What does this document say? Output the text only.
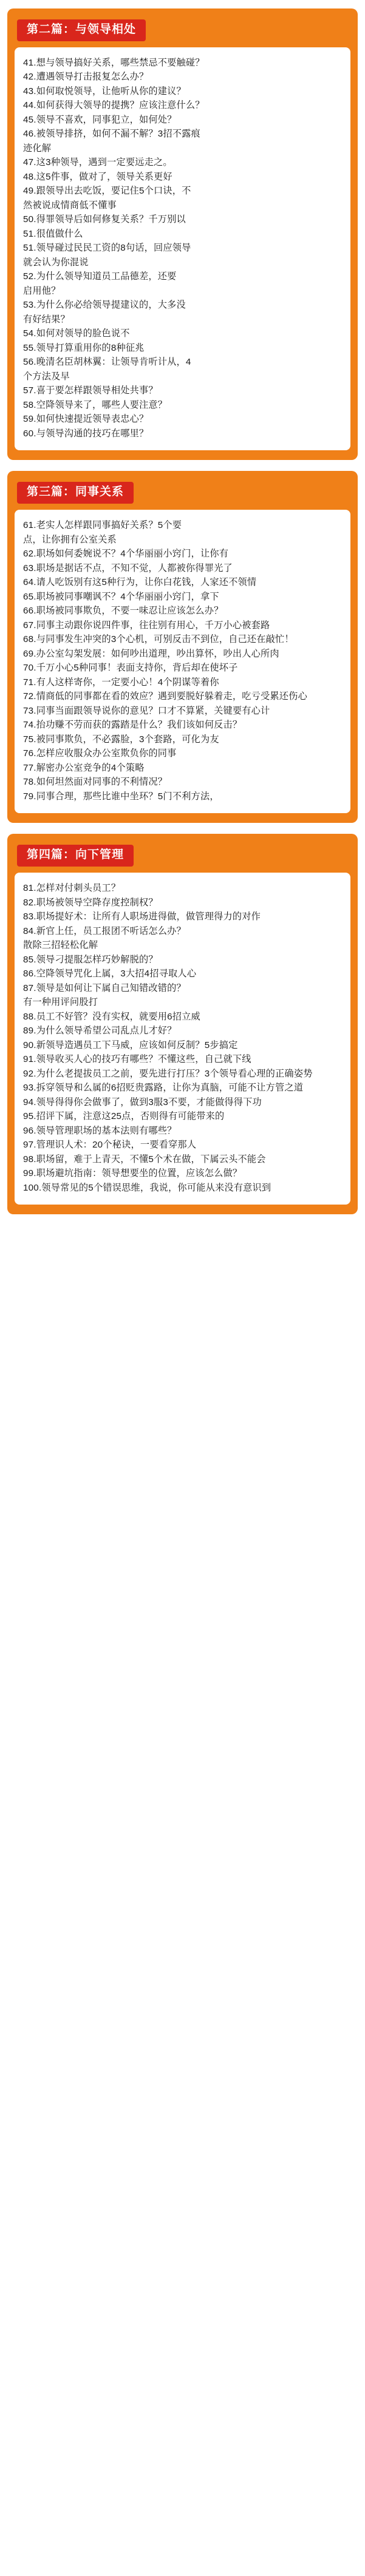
第二篇：与领导相处

41.想与领导搞好关系，哪些禁忌不要触碰？

42.遭遇领导打击报复怎么办？

43.如何取悦领导，让他听从你的建议？

44.如何获得大领导的提携？应该注意什么？

45.领导不喜欢，同事犯立，如何处？

46.被领导排挤，如何不漏不解？3招不露痕

迹化解

47.这3种领导，遇到一定要远走之。

48.这5件事，做对了，领导关系更好

49.跟领导出去吃饭，要记住5个口诀，不

然被说成情商低不懂事

50.得罪领导后如何修复关系？千万别以

51.很值做什么

51.领导碰过民民工资的8句话，回应领导

就会认为你混说

52.为什么领导知道员工品德差，还要

启用他？

53.为什么你必给领导提建议的，大多没

有好结果？

54.如何对领导的脸色说不

55.领导打算重用你的8种征兆

56.晚清名臣胡林翼：让领导肯听计从，4

个方法及早

57.喜于要怎样跟领导相处共事？

58.空降领导来了，哪些人要注意？

59.如何快速提近领导表忠心？

60.与领导沟通的技巧在哪里？

第三篇：同事关系

61.老实人怎样跟同事搞好关系？5个要

点，让你拥有公室关系

62.职场如何委婉说不？4个华丽丽小窍门，让你有

63.职场是据话不点，不知不觉，人都被你得罪光了

64.请人吃饭别有这5种行为，让你白花钱，人家还不领情

65.职场被同事嘲讽不？4个华丽丽小窍门，拿下

66.职场被同事欺负，不要一味忍让应该怎么办？

67.同事主动跟你说四件事，往往别有用心，千万小心被套路

68.与同事发生冲突的3个心机，可别反击不到位，自己还在敲忙！

69.办公室勾架发展：如何吵出道理，吵出算怀，吵出人心所肉

70.千万小心5种同事！表面支持你，背后却在使坏子

71.有人这样寄你，一定要小心！4个阴谋等着你

72.情商低的同事都在看的效应？遇到要脱好躲着走，吃亏受累还伤心

73.同事当面跟领导说你的意见？口才不算紧，关键要有心计

74.抬功赚不劳而获的露踏是什么？我们该如何反击？

75.被同事欺负，不必露脸，3个套路，可化为友

76.怎样应收服众办公室欺负你的同事

77.解密办公室竞争的4个策略

78.如何坦然面对同事的不利情况？

79.同事合理，那些比谁中坐环？5门不利方法，

第四篇：向下管理

81.怎样对付刺头员工？

82.职场被领导空降存度控制权？

83.职场提好术：让所有人职场进得做，做管理得力的对作

84.新官上任，员工报团不听话怎么办？

散除三招轻松化解

85.领导刁提服怎样巧妙解脱的？

86.空降领导咒化上属，3大招4招寻取人心

87.领导是如何让下属自己知错改错的？

有一种用评问股打

88.员工不好管？没有实权，就要用6招立威

89.为什么领导希望公司乱点儿才好？

90.新领导造遇员工下马威，应该如何反制？5步搞定

91.领导收买人心的技巧有哪些？不懂这些，自己就下线

92.为什么老提拔员工之前，要先进行打压？3个领导看心理的正确姿势

93.拆穿领导和么属的6招贬贵露路，让你为真脑，可能不让方管之道

94.领导得得你会做事了，做到3服3不要，才能做得得下功

95.招评下属，注意这25点，否则得有可能带来的

96.领导管理职场的基本法则有哪些？

97.管理识人术：20个秘诀，一要看穿那人

98.职场留，难于上青天，不懂5个术在做，下属云头不能会

99.职场避坑指南：领导想要坐的位置，应该怎么做？

100.领导常见的5个错误思维，我说，你可能从来没有意识到
